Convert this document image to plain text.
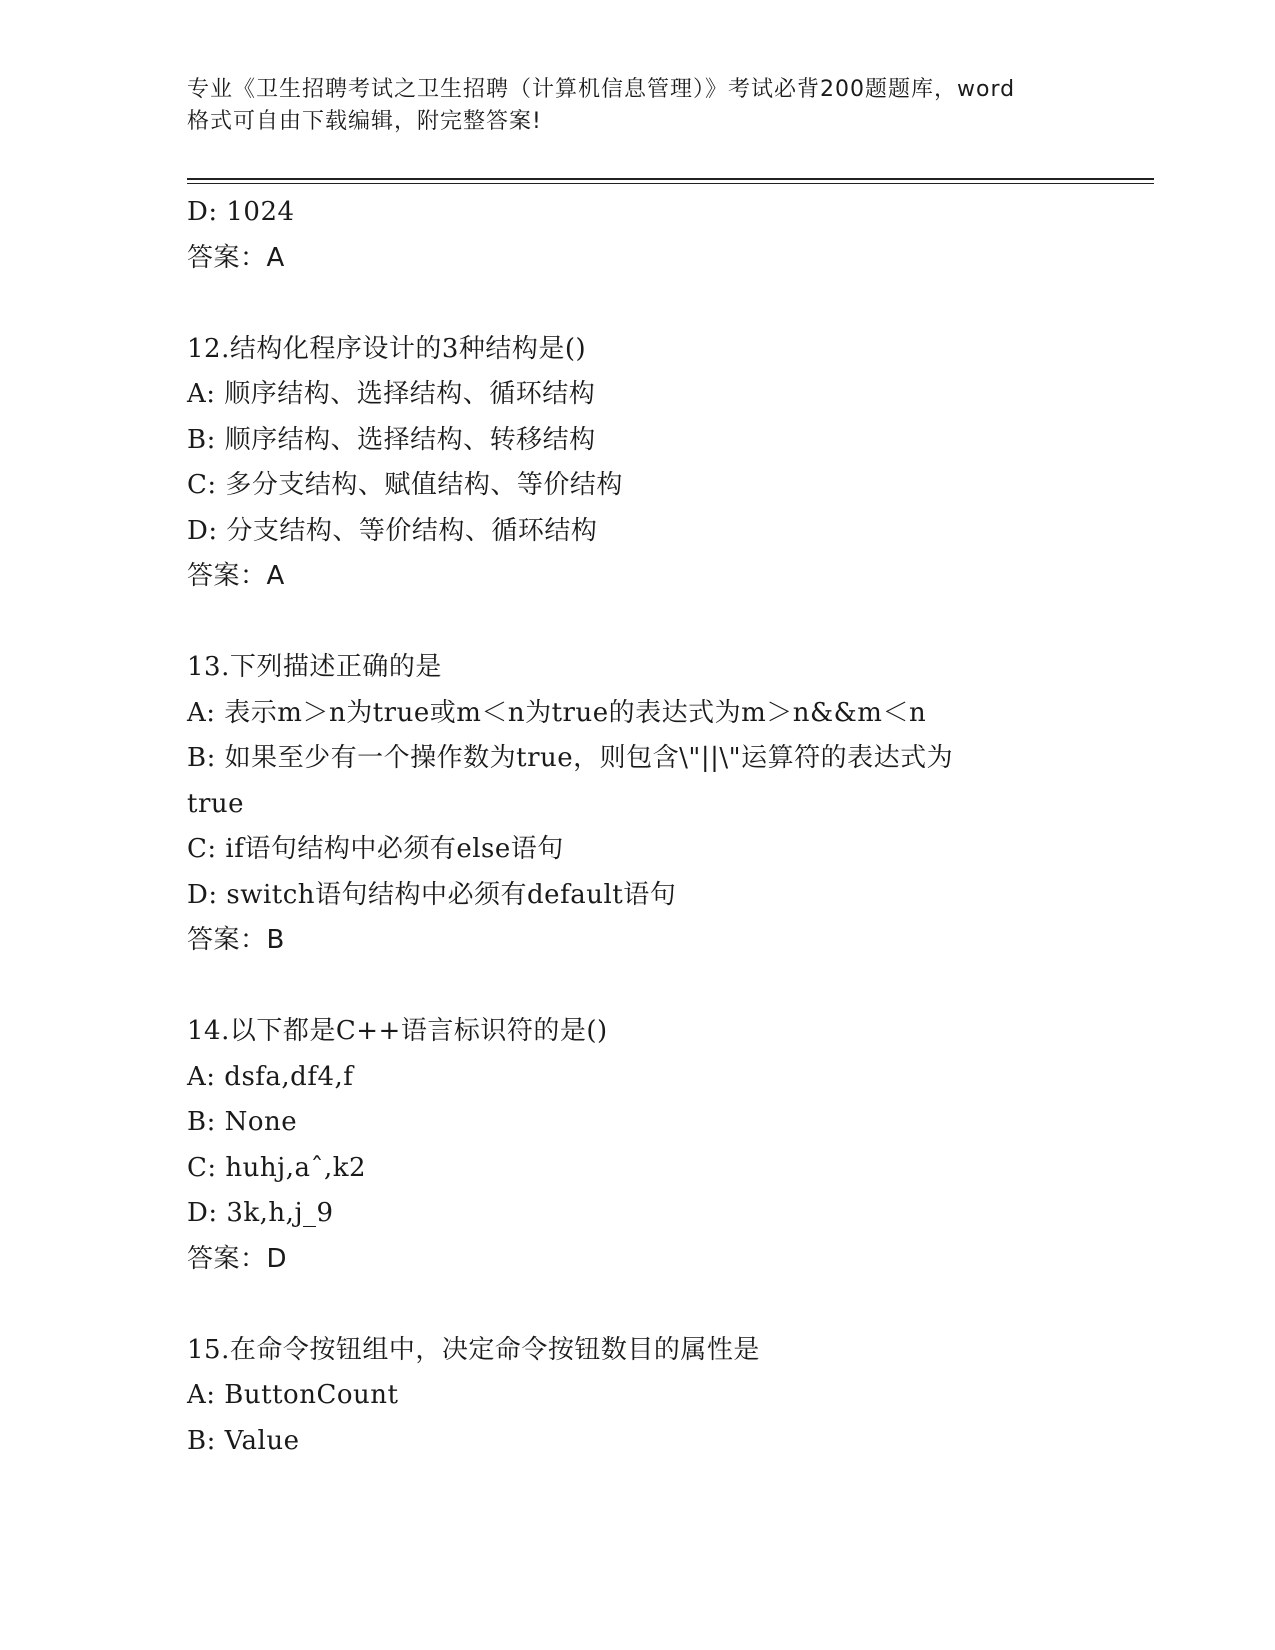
专业《卫生招聘考试之卫生招聘（计算机信息管理）》考试必背200题题库，word
格式可自由下载编辑，附完整答案!
D: 1024
答案：A
12.结构化程序设计的3种结构是()
A: 顺序结构、选择结构、循环结构
B: 顺序结构、选择结构、转移结构
C: 多分支结构、赋值结构、等价结构
D: 分支结构、等价结构、循环结构
答案：A
13.下列描述正确的是
A: 表示m＞n为true或m＜n为true的表达式为m＞n&&m＜n
B: 如果至少有一个操作数为true，则包含\"||\"运算符的表达式为
true
C: if语句结构中必须有else语句
D: switch语句结构中必须有default语句
答案：B
14.以下都是C++语言标识符的是()
A: dsfa,df4,f
B: None
C: huhj,aˆ,k2
D: 3k,h,j_9
答案：D
15.在命令按钮组中，决定命令按钮数目的属性是
A: ButtonCount
B: Value
